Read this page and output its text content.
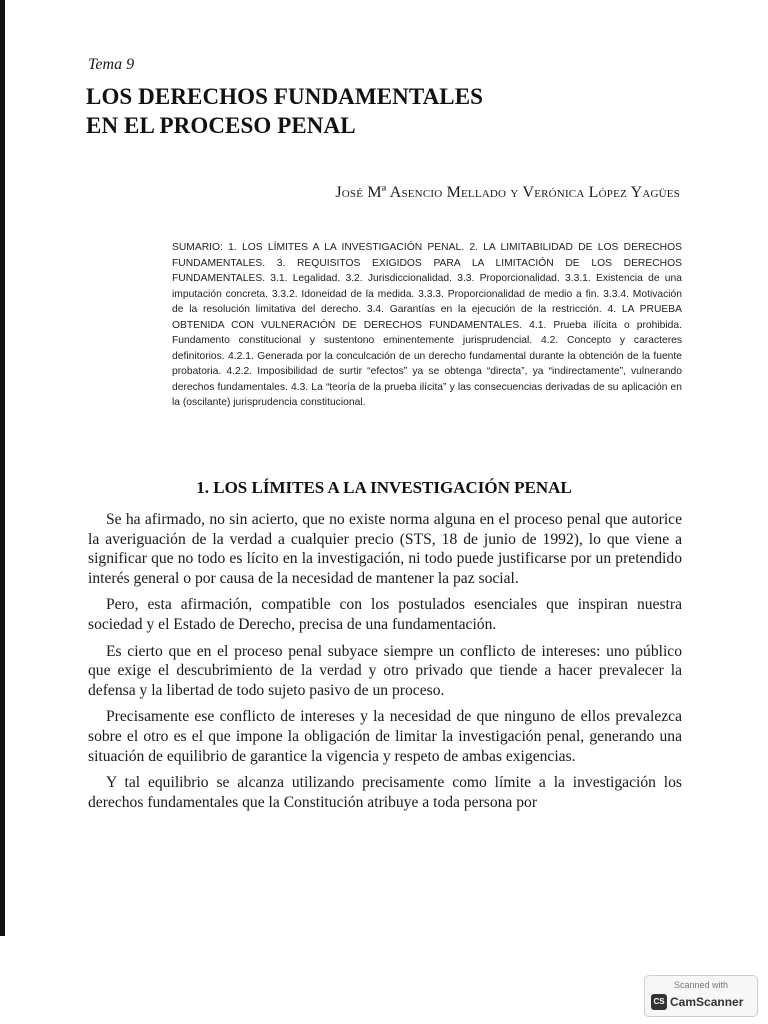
Tema 9
LOS DERECHOS FUNDAMENTALES
EN EL PROCESO PENAL
José Mª Asencio Mellado y Verónica López Yagües

SUMARIO: 1. LOS LÍMITES A LA INVESTIGACIÓN PENAL. 2. LA LIMITABILIDAD DE LOS DERECHOS FUNDAMENTALES. 3. REQUISITOS EXIGIDOS PARA LA LIMITACIÓN DE LOS DERECHOS FUNDAMENTALES. 3.1. Legalidad. 3.2. Jurisdiccionalidad. 3.3. Proporcionalidad. 3.3.1. Existencia de una imputación concreta. 3.3.2. Idoneidad de la medida. 3.3.3. Proporcionalidad de medio a fin. 3.3.4. Motivación de la resolución limitativa del derecho. 3.4. Garantías en la ejecución de la restricción. 4. LA PRUEBA OBTENIDA CON VULNERACIÓN DE DERECHOS FUNDAMENTALES. 4.1. Prueba ilícita o prohibida. Fundamento constitucional y sustentono eminentemente jurisprudencial. 4.2. Concepto y caracteres definitorios. 4.2.1. Generada por la conculcación de un derecho fundamental durante la obtención de la fuente probatoria. 4.2.2. Imposibilidad de surtir “efectos” ya se obtenga “directa”, ya “indirectamente”, vulnerando derechos fundamentales. 4.3. La “teoría de la prueba ilícita” y las consecuencias derivadas de su aplicación en la (oscilante) jurisprudencia constitucional.

1. LOS LÍMITES A LA INVESTIGACIÓN PENAL

Se ha afirmado, no sin acierto, que no existe norma alguna en el proceso penal que autorice la averiguación de la verdad a cualquier precio (STS, 18 de junio de 1992), lo que viene a significar que no todo es lícito en la investigación, ni todo puede justificarse por un pretendido interés general o por causa de la necesidad de mantener la paz social.

Pero, esta afirmación, compatible con los postulados esenciales que inspiran nuestra sociedad y el Estado de Derecho, precisa de una fundamentación.

Es cierto que en el proceso penal subyace siempre un conflicto de intereses: uno público que exige el descubrimiento de la verdad y otro privado que tiende a hacer prevalecer la defensa y la libertad de todo sujeto pasivo de un proceso.

Precisamente ese conflicto de intereses y la necesidad de que ninguno de ellos prevalezca sobre el otro es el que impone la obligación de limitar la investigación penal, generando una situación de equilibrio de garantice la vigencia y respeto de ambas exigencias.

Y tal equilibrio se alcanza utilizando precisamente como límite a la investigación los derechos fundamentales que la Constitución atribuye a toda persona por

Scanned with
CS CamScanner
